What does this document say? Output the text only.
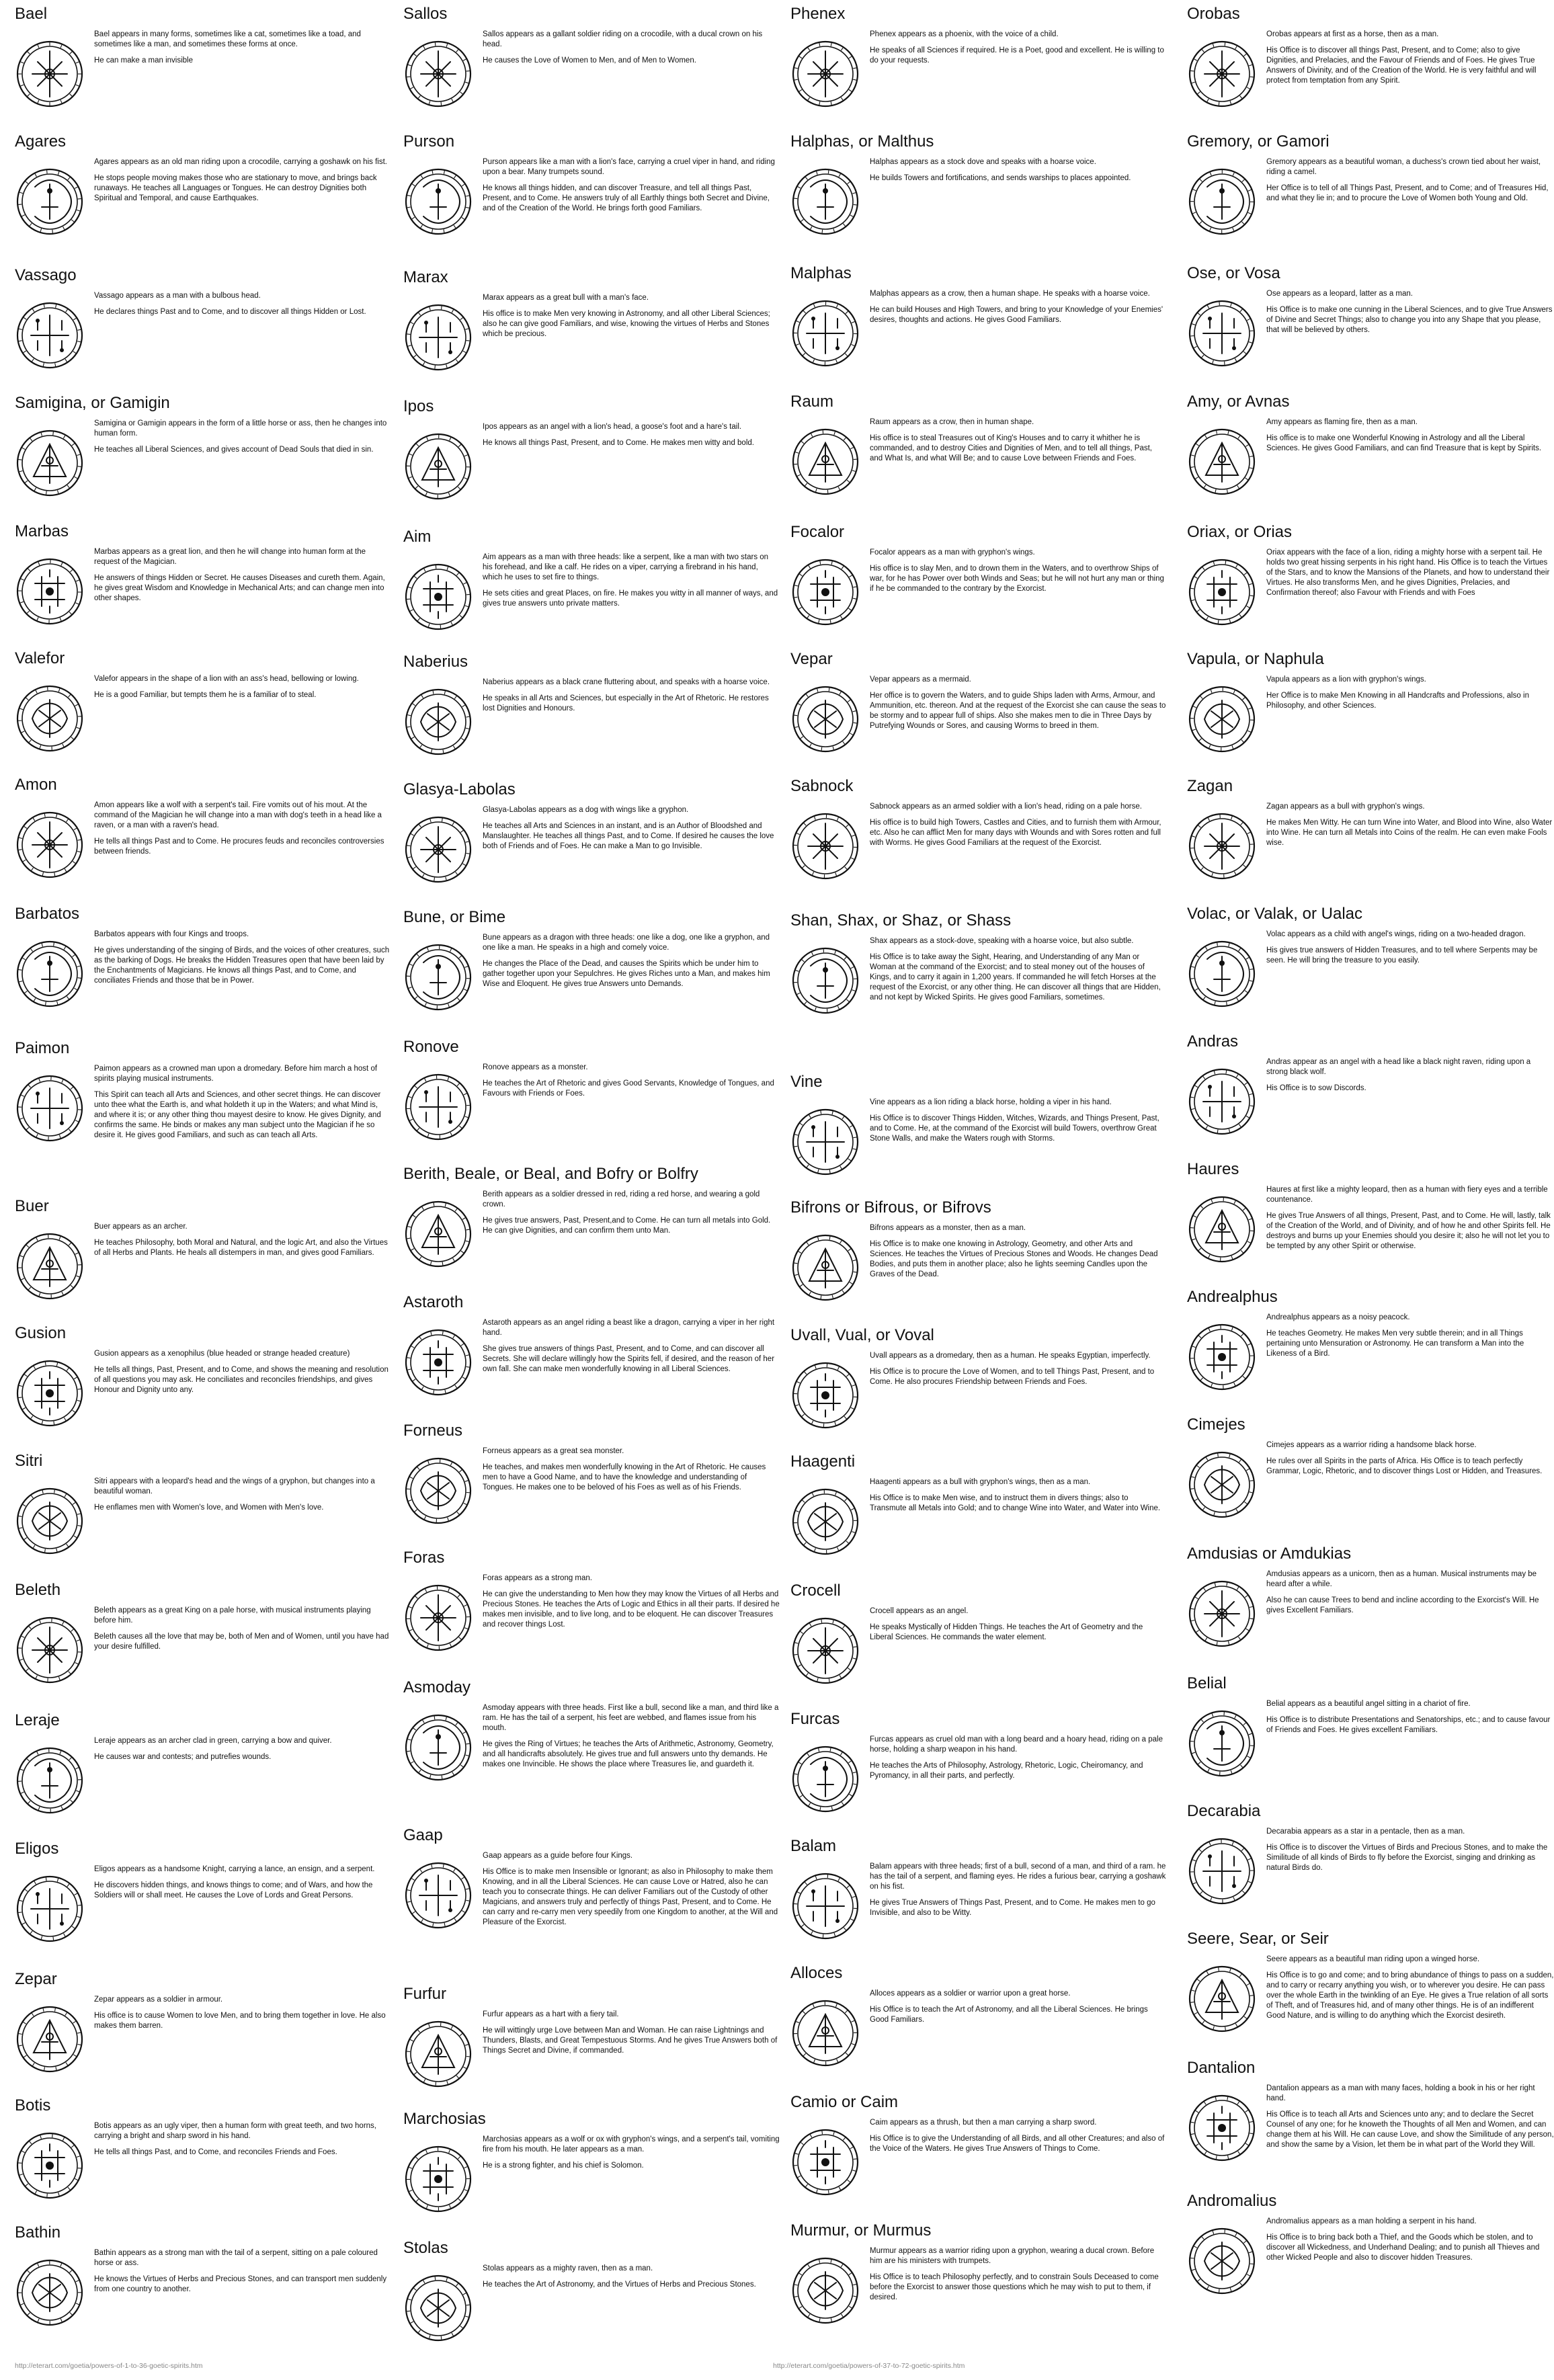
Bael

Bael appears in many forms, sometimes like a cat, sometimes like a toad, and sometimes like a man, and sometimes these forms at once.

He can make a man invisible

Agares

Agares appears as an old man riding upon a crocodile, carrying a goshawk on his fist.

He stops people moving makes those who are stationary to move, and brings back runaways. He teaches all Languages or Tongues. He can destroy Dignities both Spiritual and Temporal, and cause Earthquakes.

Vassago

Vassago appears as a man with a bulbous head.

He declares things Past and to Come, and to discover all things Hidden or Lost.

Samigina, or Gamigin

Samigina or Gamigin appears in the form of a little horse or ass, then he changes into human form.

He teaches all Liberal Sciences, and gives account of Dead Souls that died in sin.

Marbas

Marbas appears as a great lion, and then he will change into human form at the request of the Magician.

He answers of things Hidden or Secret. He causes Diseases and cureth them. Again, he gives great Wisdom and Knowledge in Mechanical Arts; and can change men into other shapes.

Valefor

Valefor appears in the shape of a lion with an ass's head, bellowing or lowing.

He is a good Familiar, but tempts them he is a familiar of to steal.

Amon

Amon appears like a wolf with a serpent's tail. Fire vomits out of his mout. At the command of the Magician he will change into a man with dog's teeth in a head like a raven, or a man with a raven's head.

He tells all things Past and to Come. He procures feuds and reconciles controversies between friends.

Barbatos

Barbatos appears with four Kings and troops.

He gives understanding of the singing of Birds, and the voices of other creatures, such as the barking of Dogs. He breaks the Hidden Treasures open that have been laid by the Enchantments of Magicians. He knows all things Past, and to Come, and conciliates Friends and those that be in Power.

Paimon

Paimon appears as a crowned man upon a dromedary. Before him march a host of spirits playing musical instruments.

This Spirit can teach all Arts and Sciences, and other secret things. He can discover unto thee what the Earth is, and what holdeth it up in the Waters; and what Mind is, and where it is; or any other thing thou mayest desire to know. He gives Dignity, and confirms the same. He binds or makes any man subject unto the Magician if he so desire it. He gives good Familiars, and such as can teach all Arts.

Buer

Buer appears as an archer.

He teaches Philosophy, both Moral and Natural, and the logic Art, and also the Virtues of all Herbs and Plants. He heals all distempers in man, and gives good Familiars.

Gusion

Gusion appears as a xenophilus (blue headed or strange headed creature)

He tells all things, Past, Present, and to Come, and shows the meaning and resolution of all questions you may ask. He conciliates and reconciles friendships, and gives Honour and Dignity unto any.

Sitri

Sitri appears with a leopard's head and the wings of a gryphon, but changes into a beautiful woman.

He enflames men with Women's love, and Women with Men's love.

Beleth

Beleth appears as a great King on a pale horse, with musical instruments playing before him.

Beleth causes all the love that may be, both of Men and of Women, until you have had your desire fulfilled.

Leraje

Leraje appears as an archer clad in green, carrying a bow and quiver.

He causes war and contests; and putrefies wounds.

Eligos

Eligos appears as a handsome Knight, carrying a lance, an ensign, and a serpent.

He discovers hidden things, and knows things to come; and of Wars, and how the Soldiers will or shall meet. He causes the Love of Lords and Great Persons.

Zepar

Zepar appears as a soldier in armour.

His office is to cause Women to love Men, and to bring them together in love. He also makes them barren.

Botis

Botis appears as an ugly viper, then a human form with great teeth, and two horns, carrying a bright and sharp sword in his hand.

He tells all things Past, and to Come, and reconciles Friends and Foes.

Bathin

Bathin appears as a strong man with the tail of a serpent, sitting on a pale coloured horse or ass.

He knows the Virtues of Herbs and Precious Stones, and can transport men suddenly from one country to another.

Sallos

Sallos appears as a gallant soldier riding on a crocodile, with a ducal crown on his head.

He causes the Love of Women to Men, and of Men to Women.

Purson

Purson appears like a man with a lion's face, carrying a cruel viper in hand, and riding upon a bear. Many trumpets sound.

He knows all things hidden, and can discover Treasure, and tell all things Past, Present, and to Come. He answers truly of all Earthly things both Secret and Divine, and of the Creation of the World. He brings forth good Familiars.

Marax

Marax appears as a great bull with a man's face.

His office is to make Men very knowing in Astronomy, and all other Liberal Sciences; also he can give good Familiars, and wise, knowing the virtues of Herbs and Stones which be precious.

Ipos

Ipos appears as an angel with a lion's head, a goose's foot and a hare's tail.

He knows all things Past, Present, and to Come. He makes men witty and bold.

Aim

Aim appears as a man with three heads: like a serpent, like a man with two stars on his forehead, and like a calf. He rides on a viper, carrying a firebrand in his hand, which he uses to set fire to things.

He sets cities and great Places, on fire. He makes you witty in all manner of ways, and gives true answers unto private matters.

Naberius

Naberius appears as a black crane fluttering about, and speaks with a hoarse voice.

He speaks in all Arts and Sciences, but especially in the Art of Rhetoric. He restores lost Dignities and Honours.

Glasya-Labolas

Glasya-Labolas appears as a dog with wings like a gryphon.

He teaches all Arts and Sciences in an instant, and is an Author of Bloodshed and Manslaughter. He teaches all things Past, and to Come. If desired he causes the love both of Friends and of Foes. He can make a Man to go Invisible.

Bune, or Bime

Bune appears as a dragon with three heads: one like a dog, one like a gryphon, and one like a man. He speaks in a high and comely voice.

He changes the Place of the Dead, and causes the Spirits which be under him to gather together upon your Sepulchres. He gives Riches unto a Man, and makes him Wise and Eloquent. He gives true Answers unto Demands.

Ronove

Ronove appears as a monster.

He teaches the Art of Rhetoric and gives Good Servants, Knowledge of Tongues, and Favours with Friends or Foes.

Berith, Beale, or Beal, and Bofry or Bolfry

Berith appears as a soldier dressed in red, riding a red horse, and wearing a gold crown.

He gives true answers, Past, Present,and to Come. He can turn all metals into Gold. He can give Dignities, and can confirm them unto Man.

Astaroth

Astaroth appears as an angel riding a beast like a dragon, carrying a viper in her right hand.

She gives true answers of things Past, Present, and to Come, and can discover all Secrets. She will declare willingly how the Spirits fell, if desired, and the reason of her own fall. She can make men wonderfully knowing in all Liberal Sciences.

Forneus

Forneus appears as a great sea monster.

He teaches, and makes men wonderfully knowing in the Art of Rhetoric. He causes men to have a Good Name, and to have the knowledge and understanding of Tongues. He makes one to be beloved of his Foes as well as of his Friends.

Foras

Foras appears as a strong man.

He can give the understanding to Men how they may know the Virtues of all Herbs and Precious Stones. He teaches the Arts of Logic and Ethics in all their parts. If desired he makes men invisible, and to live long, and to be eloquent. He can discover Treasures and recover things Lost.

Asmoday

Asmoday appears with three heads. First like a bull, second like a man, and third like a ram. He has the tail of a serpent, his feet are webbed, and flames issue from his mouth.

He gives the Ring of Virtues; he teaches the Arts of Arithmetic, Astronomy, Geometry, and all handicrafts absolutely. He gives true and full answers unto thy demands. He makes one Invincible. He shows the place where Treasures lie, and guardeth it.

Gaap

Gaap appears as a guide before four Kings.

His Office is to make men Insensible or Ignorant; as also in Philosophy to make them Knowing, and in all the Liberal Sciences. He can cause Love or Hatred, also he can teach you to consecrate things. He can deliver Familiars out of the Custody of other Magicians, and answers truly and perfectly of things Past, Present, and to Come. He can carry and re-carry men very speedily from one Kingdom to another, at the Will and Pleasure of the Exorcist.

Furfur

Furfur appears as a hart with a fiery tail.

He will wittingly urge Love between Man and Woman. He can raise Lightnings and Thunders, Blasts, and Great Tempestuous Storms. And he gives True Answers both of Things Secret and Divine, if commanded.

Marchosias

Marchosias appears as a wolf or ox with gryphon's wings, and a serpent's tail, vomiting fire from his mouth. He later appears as a man.

He is a strong fighter, and his chief is Solomon.

Stolas

Stolas appears as a mighty raven, then as a man.

He teaches the Art of Astronomy, and the Virtues of Herbs and Precious Stones.

Phenex

Phenex appears as a phoenix, with the voice of a child.

He speaks of all Sciences if required. He is a Poet, good and excellent. He is willing to do your requests.

Halphas, or Malthus

Halphas appears as a stock dove and speaks with a hoarse voice.

He builds Towers and fortifications, and sends warships to places appointed.

Malphas

Malphas appears as a crow, then a human shape. He speaks with a hoarse voice.

He can build Houses and High Towers, and bring to your Knowledge of your Enemies' desires, thoughts and actions. He gives Good Familiars.

Raum

Raum appears as a crow, then in human shape.

His office is to steal Treasures out of King's Houses and to carry it whither he is commanded, and to destroy Cities and Dignities of Men, and to tell all things, Past, and What Is, and what Will Be; and to cause Love between Friends and Foes.

Focalor

Focalor appears as a man with gryphon's wings.

His office is to slay Men, and to drown them in the Waters, and to overthrow Ships of war, for he has Power over both Winds and Seas; but he will not hurt any man or thing if he be commanded to the contrary by the Exorcist.

Vepar

Vepar appears as a mermaid.

Her office is to govern the Waters, and to guide Ships laden with Arms, Armour, and Ammunition, etc. thereon. And at the request of the Exorcist she can cause the seas to be stormy and to appear full of ships. Also she makes men to die in Three Days by Putrefying Wounds or Sores, and causing Worms to breed in them.

Sabnock

Sabnock appears as an armed soldier with a lion's head, riding on a pale horse.

His office is to build high Towers, Castles and Cities, and to furnish them with Armour, etc. Also he can afflict Men for many days with Wounds and with Sores rotten and full with Worms. He gives Good Familiars at the request of the Exorcist.

Shan, Shax, or Shaz, or Shass

Shax appears as a stock-dove, speaking with a hoarse voice, but also subtle.

His Office is to take away the Sight, Hearing, and Understanding of any Man or Woman at the command of the Exorcist; and to steal money out of the houses of Kings, and to carry it again in 1,200 years. If commanded he will fetch Horses at the request of the Exorcist, or any other thing. He can discover all things that are Hidden, and not kept by Wicked Spirits. He gives good Familiars, sometimes.

Vine

Vine appears as a lion riding a black horse, holding a viper in his hand.

His Office is to discover Things Hidden, Witches, Wizards, and Things Present, Past, and to Come. He, at the command of the Exorcist will build Towers, overthrow Great Stone Walls, and make the Waters rough with Storms.

Bifrons or Bifrous, or Bifrovs

Bifrons appears as a monster, then as a man.

His Office is to make one knowing in Astrology, Geometry, and other Arts and Sciences. He teaches the Virtues of Precious Stones and Woods. He changes Dead Bodies, and puts them in another place; also he lights seeming Candles upon the Graves of the Dead.

Uvall, Vual, or Voval

Uvall appears as a dromedary, then as a human. He speaks Egyptian, imperfectly.

His Office is to procure the Love of Women, and to tell Things Past, Present, and to Come. He also procures Friendship between Friends and Foes.

Haagenti

Haagenti appears as a bull with gryphon's wings, then as a man.

His Office is to make Men wise, and to instruct them in divers things; also to Transmute all Metals into Gold; and to change Wine into Water, and Water into Wine.

Crocell

Crocell appears as an angel.

He speaks Mystically of Hidden Things. He teaches the Art of Geometry and the Liberal Sciences. He commands the water element.

Furcas

Furcas appears as cruel old man with a long beard and a hoary head, riding on a pale horse, holding a sharp weapon in his hand.

He teaches the Arts of Philosophy, Astrology, Rhetoric, Logic, Cheiromancy, and Pyromancy, in all their parts, and perfectly.

Balam

Balam appears with three heads; first of a bull, second of a man, and third of a ram. he has the tail of a serpent, and flaming eyes. He rides a furious bear, carrying a goshawk on his fist.

He gives True Answers of Things Past, Present, and to Come. He makes men to go Invisible, and also to be Witty.

Alloces

Alloces appears as a soldier or warrior upon a great horse.

His Office is to teach the Art of Astronomy, and all the Liberal Sciences. He brings Good Familiars.

Camio or Caim

Caim appears as a thrush, but then a man carrying a sharp sword.

His Office is to give the Understanding of all Birds, and all other Creatures; and also of the Voice of the Waters. He gives True Answers of Things to Come.

Murmur, or Murmus

Murmur appears as a warrior riding upon a gryphon, wearing a ducal crown. Before him are his ministers with trumpets.

His Office is to teach Philosophy perfectly, and to constrain Souls Deceased to come before the Exorcist to answer those questions which he may wish to put to them, if desired.

Orobas

Orobas appears at first as a horse, then as a man.

His Office is to discover all things Past, Present, and to Come; also to give Dignities, and Prelacies, and the Favour of Friends and of Foes. He gives True Answers of Divinity, and of the Creation of the World. He is very faithful and will protect from temptation from any Spirit.

Gremory, or Gamori

Gremory appears as a beautiful woman, a duchess's crown tied about her waist, riding a camel.

Her Office is to tell of all Things Past, Present, and to Come; and of Treasures Hid, and what they lie in; and to procure the Love of Women both Young and Old.

Ose, or Vosa

Ose appears as a leopard, latter as a man.

His Office is to make one cunning in the Liberal Sciences, and to give True Answers of Divine and Secret Things; also to change you into any Shape that you please, that will be believed by others.

Amy, or Avnas

Amy appears as flaming fire, then as a man.

His office is to make one Wonderful Knowing in Astrology and all the Liberal Sciences. He gives Good Familiars, and can find Treasure that is kept by Spirits.

Oriax, or Orias

Oriax appears with the face of a lion, riding a mighty horse with a serpent tail. He holds two great hissing serpents in his right hand. His Office is to teach the Virtues of the Stars, and to know the Mansions of the Planets, and how to understand their Virtues. He also transforms Men, and he gives Dignities, Prelacies, and Confirmation thereof; also Favour with Friends and with Foes

Vapula, or Naphula

Vapula appears as a lion with gryphon's wings.

Her Office is to make Men Knowing in all Handcrafts and Professions, also in Philosophy, and other Sciences.

Zagan

Zagan appears as a bull with gryphon's wings.

He makes Men Witty. He can turn Wine into Water, and Blood into Wine, also Water into Wine. He can turn all Metals into Coins of the realm. He can even make Fools wise.

Volac, or Valak, or Ualac

Volac appears as a child with angel's wings, riding on a two-headed dragon.

His gives true answers of Hidden Treasures, and to tell where Serpents may be seen. He will bring the treasure to you easily.

Andras

Andras appear as an angel with a head like a black night raven, riding upon a strong black wolf.

His Office is to sow Discords.

Haures

Haures at first like a mighty leopard, then as a human with fiery eyes and a terrible countenance.

He gives True Answers of all things, Present, Past, and to Come. He will, lastly, talk of the Creation of the World, and of Divinity, and of how he and other Spirits fell. He destroys and burns up your Enemies should you desire it; also he will not let you to be tempted by any other Spirit or otherwise.

Andrealphus

Andrealphus appears as a noisy peacock.

He teaches Geometry. He makes Men very subtle therein; and in all Things pertaining unto Mensuration or Astronomy. He can transform a Man into the Likeness of a Bird.

Cimejes

Cimejes appears as a warrior riding a handsome black horse.

He rules over all Spirits in the parts of Africa. His Office is to teach perfectly Grammar, Logic, Rhetoric, and to discover things Lost or Hidden, and Treasures.

Amdusias or Amdukias

Amdusias appears as a unicorn, then as a human. Musical instruments may be heard after a while.

Also he can cause Trees to bend and incline according to the Exorcist's Will. He gives Excellent Familiars.

Belial

Belial appears as a beautiful angel sitting in a chariot of fire.

His Office is to distribute Presentations and Senatorships, etc.; and to cause favour of Friends and Foes. He gives excellent Familiars.

Decarabia

Decarabia appears as a star in a pentacle, then as a man.

His Office is to discover the Virtues of Birds and Precious Stones, and to make the Similitude of all kinds of Birds to fly before the Exorcist, singing and drinking as natural Birds do.

Seere, Sear, or Seir

Seere appears as a beautiful man riding upon a winged horse.

His Office is to go and come; and to bring abundance of things to pass on a sudden, and to carry or recarry anything you wish, or to wherever you desire. He can pass over the whole Earth in the twinkling of an Eye. He gives a True relation of all sorts of Theft, and of Treasures hid, and of many other things. He is of an indifferent Good Nature, and is willing to do anything which the Exorcist desireth.

Dantalion

Dantalion appears as a man with many faces, holding a book in his or her right hand.

His Office is to teach all Arts and Sciences unto any; and to declare the Secret Counsel of any one; for he knoweth the Thoughts of all Men and Women, and can change them at his Will. He can cause Love, and show the Similitude of any person, and show the same by a Vision, let them be in what part of the World they Will.

Andromalius

Andromalius appears as a man holding a serpent in his hand.

His Office is to bring back both a Thief, and the Goods which be stolen, and to discover all Wickedness, and Underhand Dealing; and to punish all Thieves and other Wicked People and also to discover hidden Treasures.

http://eterart.com/goetia/powers-of-1-to-36-goetic-spirits.htm	http://eterart.com/goetia/powers-of-37-to-72-goetic-spirits.htm
